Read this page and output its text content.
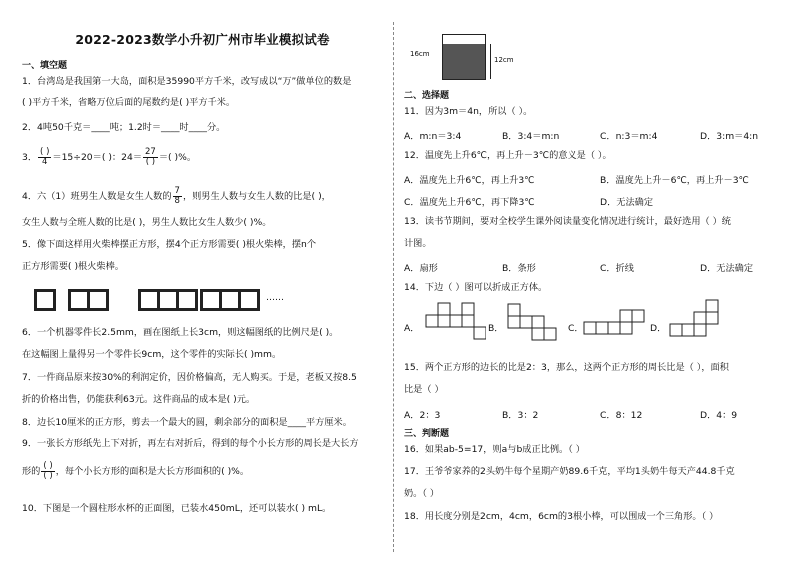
2022-2023数学小升初广州市毕业模拟试卷
一、填空题
1．台湾岛是我国第一大岛，面积是35990平方千米，改写成以“万”做单位的数是
( )平方千米，省略万位后面的尾数约是( )平方千米。
2．4吨50千克＝____吨；1.2时＝____时____分。
3． $\frac{( )}{4} =15\div 20=$( )：$24= \frac{27}{( )}$ ＝( )%。
4．六（1）班男生人数是女生人数的 $\frac{7}{8}$ ，则男生人数与女生人数的比是( )，
女生人数与全班人数的比是( )，男生人数比女生人数少( )%。
5．像下面这样用火柴棒摆正方形，摆4个正方形需要( )根火柴棒，摆n个
正方形需要( )根火柴棒。
……
6．一个机器零件长2.5mm，画在图纸上长3cm，则这幅图纸的比例尺是( )。
在这幅图上量得另一个零件长9cm，这个零件的实际长( )mm。
7．一件商品原来按30%的利润定价，因价格偏高，无人购买。于是，老板又按8.5
折的价格出售，仍能获利63元。这件商品的成本是( )元。
8．边长10厘米的正方形，剪去一个最大的圆，剩余部分的面积是____平方厘米。
9．一张长方形纸先上下对折，再左右对折后，得到的每个小长方形的周长是大长方
形的 $\frac{( )}{( )}$ ，每个小长方形的面积是大长方形面积的( )%。
10．下图是一个圆柱形水杯的正面图，已装水450mL，还可以装水( ) mL。
16cm
12cm
二、选择题
11．因为3m＝4n，所以（ ）。
A．m:n＝3:4	B．3:4＝m:n	C．n:3＝m:4	D．3:m＝4:n
12．温度先上升6℃，再上升－3℃的意义是（ ）。
A．温度先上升6℃，再上升3℃	B．温度先上升－6℃，再上升－3℃
C．温度先上升6℃，再下降3℃	D．无法确定
13．读书节期间，要对全校学生课外阅读量变化情况进行统计，最好选用（ ）统
计图。
A．扇形	B．条形	C．折线	D．无法确定
14．下边（ ）图可以折成正方体。
A．	B．	C．	D．
15．两个正方形的边长的比是2：3，那么，这两个正方形的周长比是（ ），面积
比是（ ）
A．2：3	B．3：2	C．8：12	D．4：9
三、判断题
16．如果ab-5=17，则a与b成正比例。（ ）
17．王爷爷家养的2头奶牛每个星期产奶89.6千克，平均1头奶牛每天产44.8千克
奶。（ ）
18．用长度分别是2cm，4cm，6cm的3根小棒，可以围成一个三角形。（ ）
